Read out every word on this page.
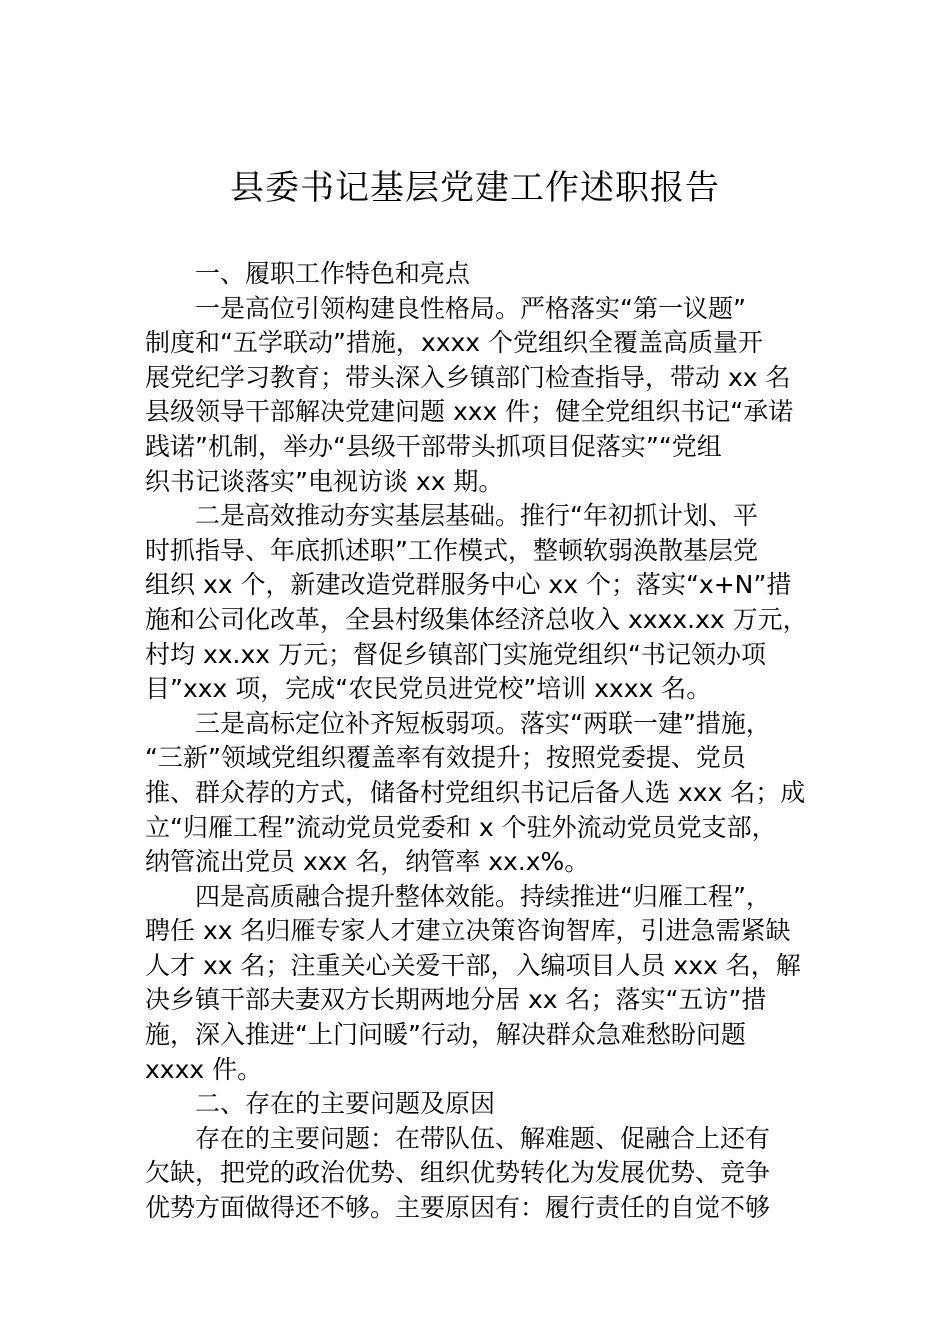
县委书记基层党建工作述职报告
一、履职工作特色和亮点
一是高位引领构建良性格局。严格落实“第一议题”
制度和“五学联动”措施，xxxx 个党组织全覆盖高质量开
展党纪学习教育；带头深入乡镇部门检查指导，带动 xx 名
县级领导干部解决党建问题 xxx 件；健全党组织书记“承诺
践诺”机制，举办“县级干部带头抓项目促落实”“党组
织书记谈落实”电视访谈 xx 期。
二是高效推动夯实基层基础。推行“年初抓计划、平
时抓指导、年底抓述职”工作模式，整顿软弱涣散基层党
组织 xx 个，新建改造党群服务中心 xx 个；落实“x+N”措
施和公司化改革，全县村级集体经济总收入 xxxx.xx 万元，
村均 xx.xx 万元；督促乡镇部门实施党组织“书记领办项
目”xxx 项，完成“农民党员进党校”培训 xxxx 名。
三是高标定位补齐短板弱项。落实“两联一建”措施，
“三新”领域党组织覆盖率有效提升；按照党委提、党员
推、群众荐的方式，储备村党组织书记后备人选 xxx 名；成
立“归雁工程”流动党员党委和 x 个驻外流动党员党支部，
纳管流出党员 xxx 名，纳管率 xx.x%。
四是高质融合提升整体效能。持续推进“归雁工程”，
聘任 xx 名归雁专家人才建立决策咨询智库，引进急需紧缺
人才 xx 名；注重关心关爱干部，入编项目人员 xxx 名，解
决乡镇干部夫妻双方长期两地分居 xx 名；落实“五访”措
施，深入推进“上门问暖”行动，解决群众急难愁盼问题
xxxx 件。
二、存在的主要问题及原因
存在的主要问题：在带队伍、解难题、促融合上还有
欠缺，把党的政治优势、组织优势转化为发展优势、竞争
优势方面做得还不够。主要原因有：履行责任的自觉不够
